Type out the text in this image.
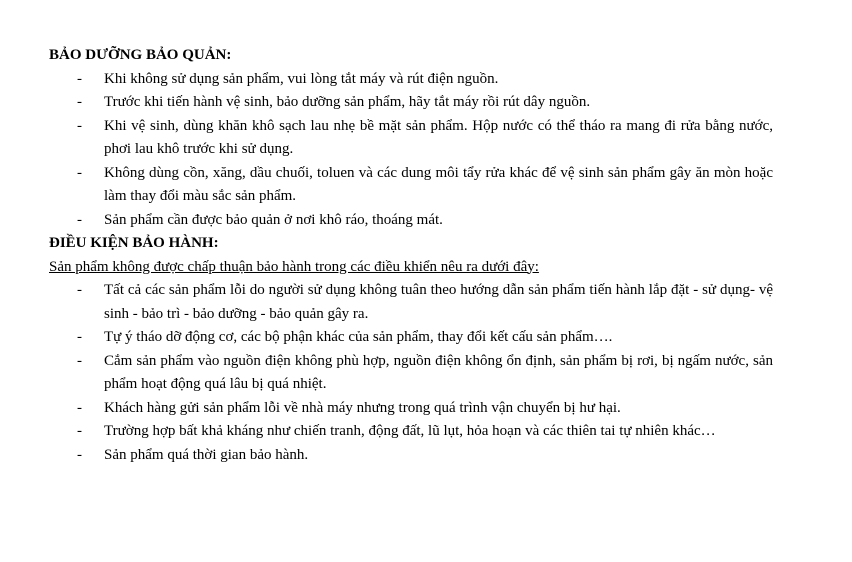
BẢO DƯỠNG BẢO QUẢN:

- Khi không sử dụng sản phẩm, vui lòng tắt máy và rút điện nguồn.
- Trước khi tiến hành vệ sinh, bảo dưỡng sản phẩm, hãy tắt máy rồi rút dây nguồn.
- Khi vệ sinh, dùng khăn khô sạch lau nhẹ bề mặt sản phẩm. Hộp nước có thể tháo ra mang đi rửa bằng nước, phơi lau khô trước khi sử dụng.
- Không dùng cồn, xăng, dầu chuối, toluen và các dung môi tẩy rửa khác để vệ sinh sản phẩm gây ăn mòn hoặc làm thay đổi màu sắc sản phẩm.
- Sản phẩm cần được bảo quản ở nơi khô ráo, thoáng mát.

ĐIỀU KIỆN BẢO HÀNH:

Sản phẩm không được chấp thuận bảo hành trong các điều khiển nêu ra dưới đây:

- Tất cả các sản phẩm lỗi do người sử dụng không tuân theo hướng dẫn sản phẩm tiến hành lắp đặt - sử dụng- vệ sinh - bảo trì - bảo dưỡng - bảo quản gây ra.
- Tự ý tháo dỡ động cơ, các bộ phận khác của sản phẩm, thay đổi kết cấu sản phẩm….
- Cắm sản phẩm vào nguồn điện không phù hợp, nguồn điện không ổn định, sản phẩm bị rơi, bị ngấm nước, sản phẩm hoạt động quá lâu bị quá nhiệt.
- Khách hàng gửi sản phẩm lỗi về nhà máy nhưng trong quá trình vận chuyển bị hư hại.
- Trường hợp bất khả kháng như chiến tranh, động đất, lũ lụt, hỏa hoạn và các thiên tai tự nhiên khác…
- Sản phẩm quá thời gian bảo hành.
